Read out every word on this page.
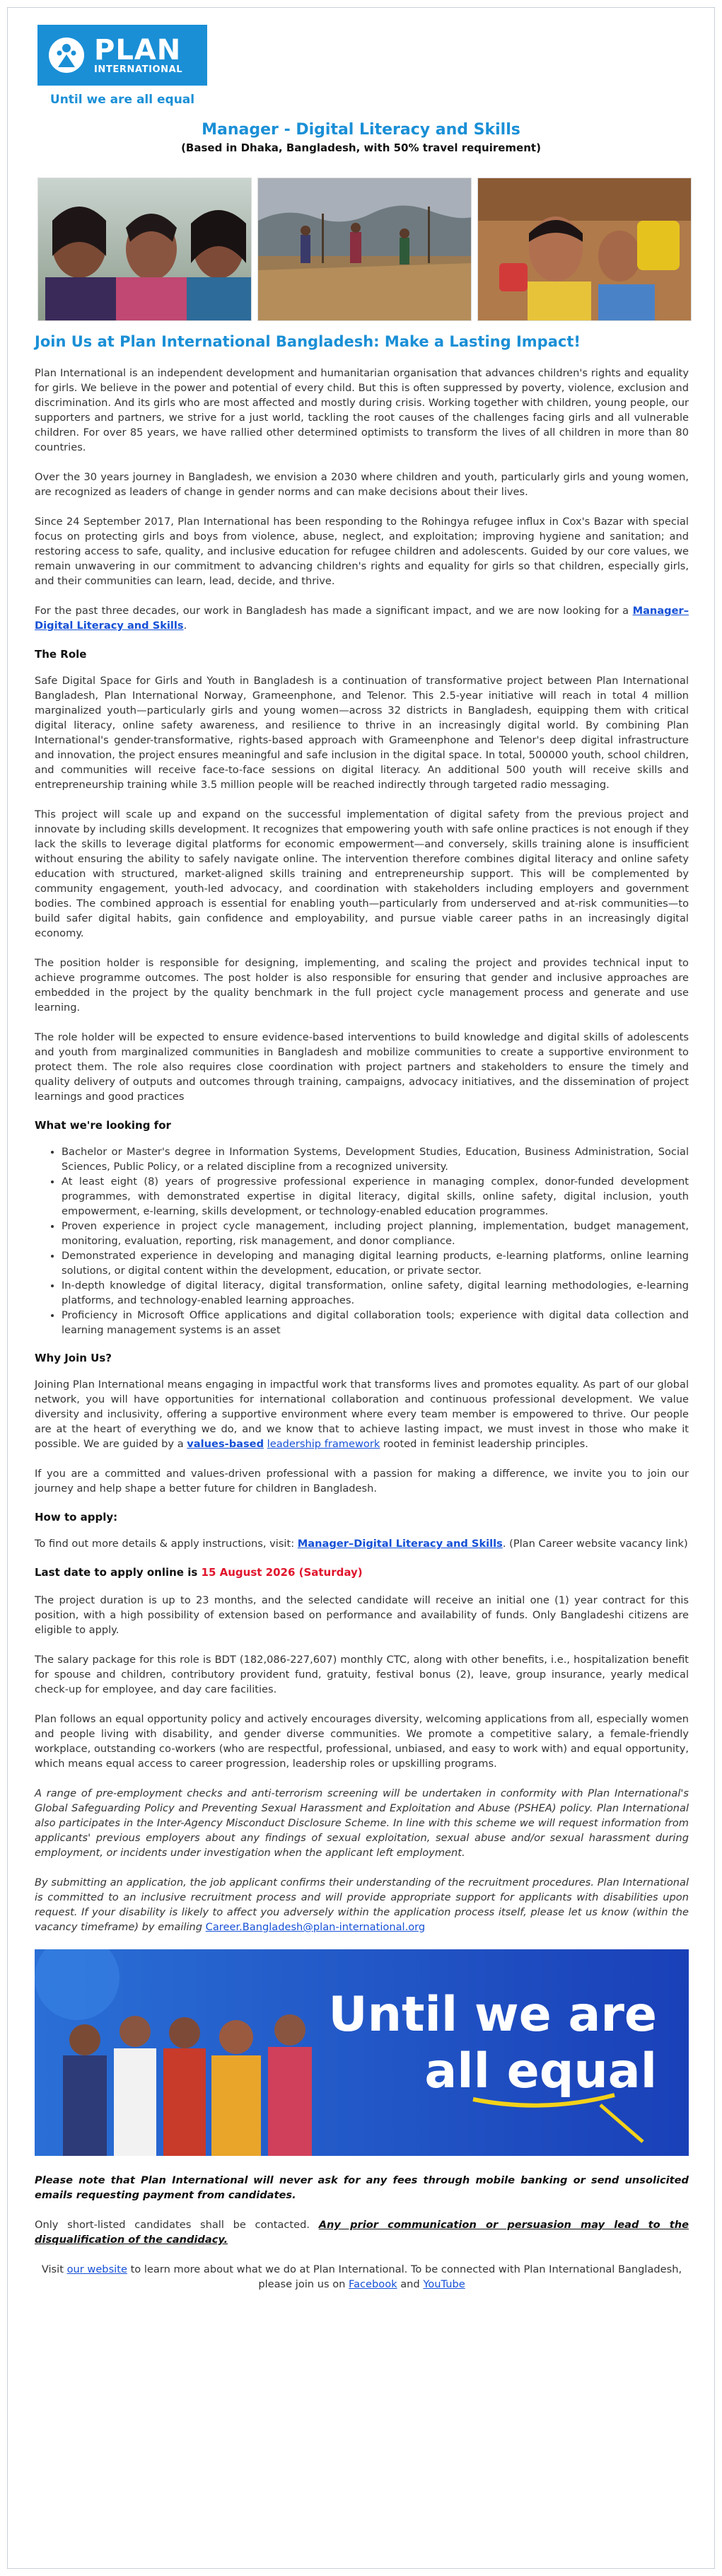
PLAN
INTERNATIONAL
Until we are all equal
Manager - Digital Literacy and Skills
(Based in Dhaka, Bangladesh, with 50% travel requirement)
Join Us at Plan International Bangladesh: Make a Lasting Impact!

Plan International is an independent development and humanitarian organisation that advances children's rights and equality for girls. We believe in the power and potential of every child. But this is often suppressed by poverty, violence, exclusion and discrimination. And its girls who are most affected and mostly during crisis. Working together with children, young people, our supporters and partners, we strive for a just world, tackling the root causes of the challenges facing girls and all vulnerable children. For over 85 years, we have rallied other determined optimists to transform the lives of all children in more than 80 countries.

Over the 30 years journey in Bangladesh, we envision a 2030 where children and youth, particularly girls and young women, are recognized as leaders of change in gender norms and can make decisions about their lives.

Since 24 September 2017, Plan International has been responding to the Rohingya refugee influx in Cox's Bazar with special focus on protecting girls and boys from violence, abuse, neglect, and exploitation; improving hygiene and sanitation; and restoring access to safe, quality, and inclusive education for refugee children and adolescents. Guided by our core values, we remain unwavering in our commitment to advancing children's rights and equality for girls so that children, especially girls, and their communities can learn, lead, decide, and thrive.

For the past three decades, our work in Bangladesh has made a significant impact, and we are now looking for a Manager–Digital Literacy and Skills.

The Role

Safe Digital Space for Girls and Youth in Bangladesh is a continuation of transformative project between Plan International Bangladesh, Plan International Norway, Grameenphone, and Telenor. This 2.5-year initiative will reach in total 4 million marginalized youth—particularly girls and young women—across 32 districts in Bangladesh, equipping them with critical digital literacy, online safety awareness, and resilience to thrive in an increasingly digital world. By combining Plan International's gender-transformative, rights-based approach with Grameenphone and Telenor's deep digital infrastructure and innovation, the project ensures meaningful and safe inclusion in the digital space. In total, 500000 youth, school children, and communities will receive face-to-face sessions on digital literacy. An additional 500 youth will receive skills and entrepreneurship training while 3.5 million people will be reached indirectly through targeted radio messaging.

This project will scale up and expand on the successful implementation of digital safety from the previous project and innovate by including skills development. It recognizes that empowering youth with safe online practices is not enough if they lack the skills to leverage digital platforms for economic empowerment—and conversely, skills training alone is insufficient without ensuring the ability to safely navigate online. The intervention therefore combines digital literacy and online safety education with structured, market-aligned skills training and entrepreneurship support. This will be complemented by community engagement, youth-led advocacy, and coordination with stakeholders including employers and government bodies. The combined approach is essential for enabling youth—particularly from underserved and at-risk communities—to build safer digital habits, gain confidence and employability, and pursue viable career paths in an increasingly digital economy.

The position holder is responsible for designing, implementing, and scaling the project and provides technical input to achieve programme outcomes. The post holder is also responsible for ensuring that gender and inclusive approaches are embedded in the project by the quality benchmark in the full project cycle management process and generate and use learning.

The role holder will be expected to ensure evidence-based interventions to build knowledge and digital skills of adolescents and youth from marginalized communities in Bangladesh and mobilize communities to create a supportive environment to protect them. The role also requires close coordination with project partners and stakeholders to ensure the timely and quality delivery of outputs and outcomes through training, campaigns, advocacy initiatives, and the dissemination of project learnings and good practices

What we're looking for
• Bachelor or Master's degree in Information Systems, Development Studies, Education, Business Administration, Social Sciences, Public Policy, or a related discipline from a recognized university.
• At least eight (8) years of progressive professional experience in managing complex, donor-funded development programmes, with demonstrated expertise in digital literacy, digital skills, online safety, digital inclusion, youth empowerment, e-learning, skills development, or technology-enabled education programmes.
• Proven experience in project cycle management, including project planning, implementation, budget management, monitoring, evaluation, reporting, risk management, and donor compliance.
• Demonstrated experience in developing and managing digital learning products, e-learning platforms, online learning solutions, or digital content within the development, education, or private sector.
• In-depth knowledge of digital literacy, digital transformation, online safety, digital learning methodologies, e-learning platforms, and technology-enabled learning approaches.
• Proficiency in Microsoft Office applications and digital collaboration tools; experience with digital data collection and learning management systems is an asset
Why Join Us?

Joining Plan International means engaging in impactful work that transforms lives and promotes equality. As part of our global network, you will have opportunities for international collaboration and continuous professional development. We value diversity and inclusivity, offering a supportive environment where every team member is empowered to thrive. Our people are at the heart of everything we do, and we know that to achieve lasting impact, we must invest in those who make it possible. We are guided by a values-based leadership framework rooted in feminist leadership principles.

If you are a committed and values-driven professional with a passion for making a difference, we invite you to join our journey and help shape a better future for children in Bangladesh.

How to apply:

To find out more details & apply instructions, visit: Manager–Digital Literacy and Skills. (Plan Career website vacancy link)

Last date to apply online is 15 August 2026 (Saturday)

The project duration is up to 23 months, and the selected candidate will receive an initial one (1) year contract for this position, with a high possibility of extension based on performance and availability of funds. Only Bangladeshi citizens are eligible to apply.

The salary package for this role is BDT (182,086-227,607) monthly CTC, along with other benefits, i.e., hospitalization benefit for spouse and children, contributory provident fund, gratuity, festival bonus (2), leave, group insurance, yearly medical check-up for employee, and day care facilities.

Plan follows an equal opportunity policy and actively encourages diversity, welcoming applications from all, especially women and people living with disability, and gender diverse communities. We promote a competitive salary, a female-friendly workplace, outstanding co-workers (who are respectful, professional, unbiased, and easy to work with) and equal opportunity, which means equal access to career progression, leadership roles or upskilling programs.

A range of pre-employment checks and anti-terrorism screening will be undertaken in conformity with Plan International's Global Safeguarding Policy and Preventing Sexual Harassment and Exploitation and Abuse (PSHEA) policy. Plan International also participates in the Inter-Agency Misconduct Disclosure Scheme. In line with this scheme we will request information from applicants' previous employers about any findings of sexual exploitation, sexual abuse and/or sexual harassment during employment, or incidents under investigation when the applicant left employment.

By submitting an application, the job applicant confirms their understanding of the recruitment procedures. Plan International is committed to an inclusive recruitment process and will provide appropriate support for applicants with disabilities upon request. If your disability is likely to affect you adversely within the application process itself, please let us know (within the vacancy timeframe) by emailing Career.Bangladesh@plan-international.org

Until we are
all equal

Please note that Plan International will never ask for any fees through mobile banking or send unsolicited emails requesting payment from candidates.

Only short-listed candidates shall be contacted. Any prior communication or persuasion may lead to the disqualification of the candidacy.

Visit our website to learn more about what we do at Plan International. To be connected with Plan International Bangladesh, please join us on Facebook and YouTube
